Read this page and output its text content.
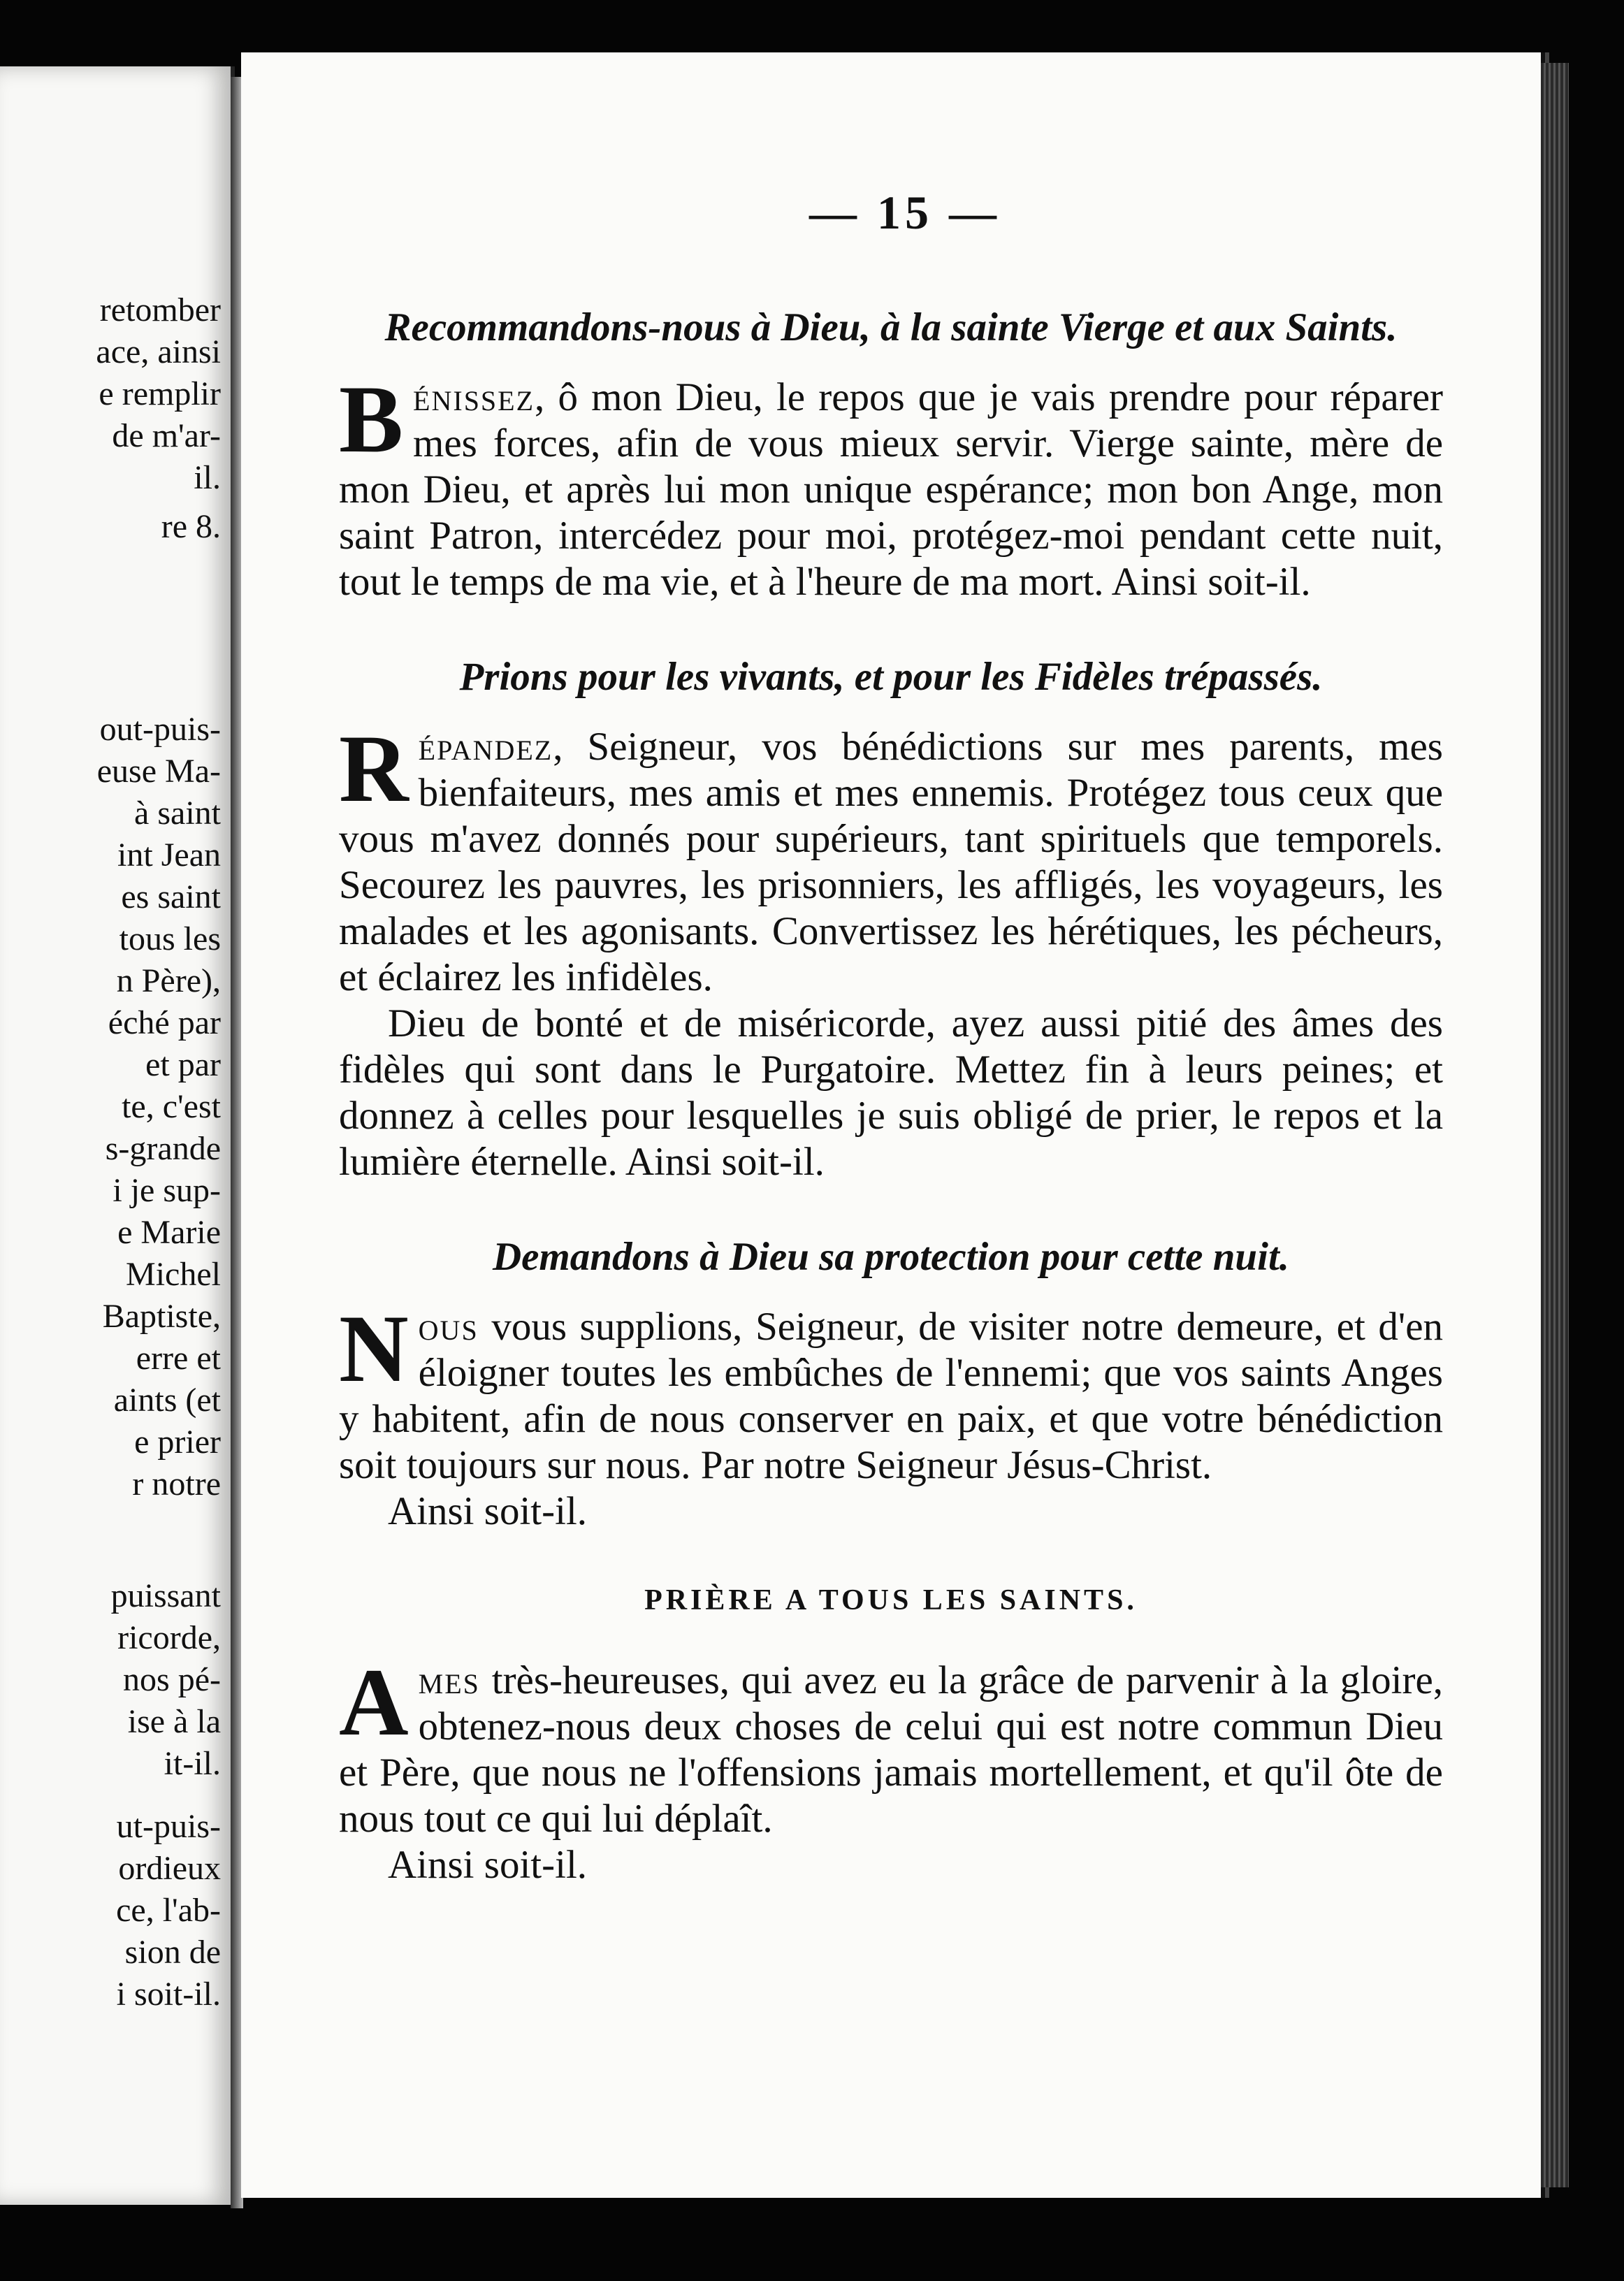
retomber
ace, ainsi
e remplir
de m'ar-
il.
re 8.
out-puis-
euse Ma-
à saint
int Jean
es saint
tous les
n Père),
éché par
et par
te, c'est
s-grande
i je sup-
e Marie
Michel
Baptiste,
erre et
aints (et
e prier
r notre
puissant
ricorde,
nos pé-
ise à la
it-il.
ut-puis-
ordieux
ce, l'ab-
sion de
i soit-il.
— 15 —
Recommandons-nous à Dieu, à la sainte Vierge et aux Saints.

Bénissez, ô mon Dieu, le repos que je vais prendre pour réparer mes forces, afin de vous mieux servir. Vierge sainte, mère de mon Dieu, et après lui mon unique espérance; mon bon Ange, mon saint Patron, intercédez pour moi, protégez-moi pendant cette nuit, tout le temps de ma vie, et à l'heure de ma mort. Ainsi soit-il.

Prions pour les vivants, et pour les Fidèles trépassés.

Répandez, Seigneur, vos bénédictions sur mes parents, mes bienfaiteurs, mes amis et mes ennemis. Protégez tous ceux que vous m'avez donnés pour supérieurs, tant spirituels que temporels. Secourez les pauvres, les prisonniers, les affligés, les voyageurs, les malades et les agonisants. Convertissez les hérétiques, les pécheurs, et éclairez les infidèles.

Dieu de bonté et de miséricorde, ayez aussi pitié des âmes des fidèles qui sont dans le Purgatoire. Mettez fin à leurs peines; et donnez à celles pour lesquelles je suis obligé de prier, le repos et la lumière éternelle. Ainsi soit-il.

Demandons à Dieu sa protection pour cette nuit.

Nous vous supplions, Seigneur, de visiter notre demeure, et d'en éloigner toutes les embûches de l'ennemi; que vos saints Anges y habitent, afin de nous conserver en paix, et que votre bénédiction soit toujours sur nous. Par notre Seigneur Jésus-Christ.

Ainsi soit-il.

PRIÈRE A TOUS LES SAINTS.

Ames très-heureuses, qui avez eu la grâce de parvenir à la gloire, obtenez-nous deux choses de celui qui est notre commun Dieu et Père, que nous ne l'offensions jamais mortellement, et qu'il ôte de nous tout ce qui lui déplaît.

Ainsi soit-il.
